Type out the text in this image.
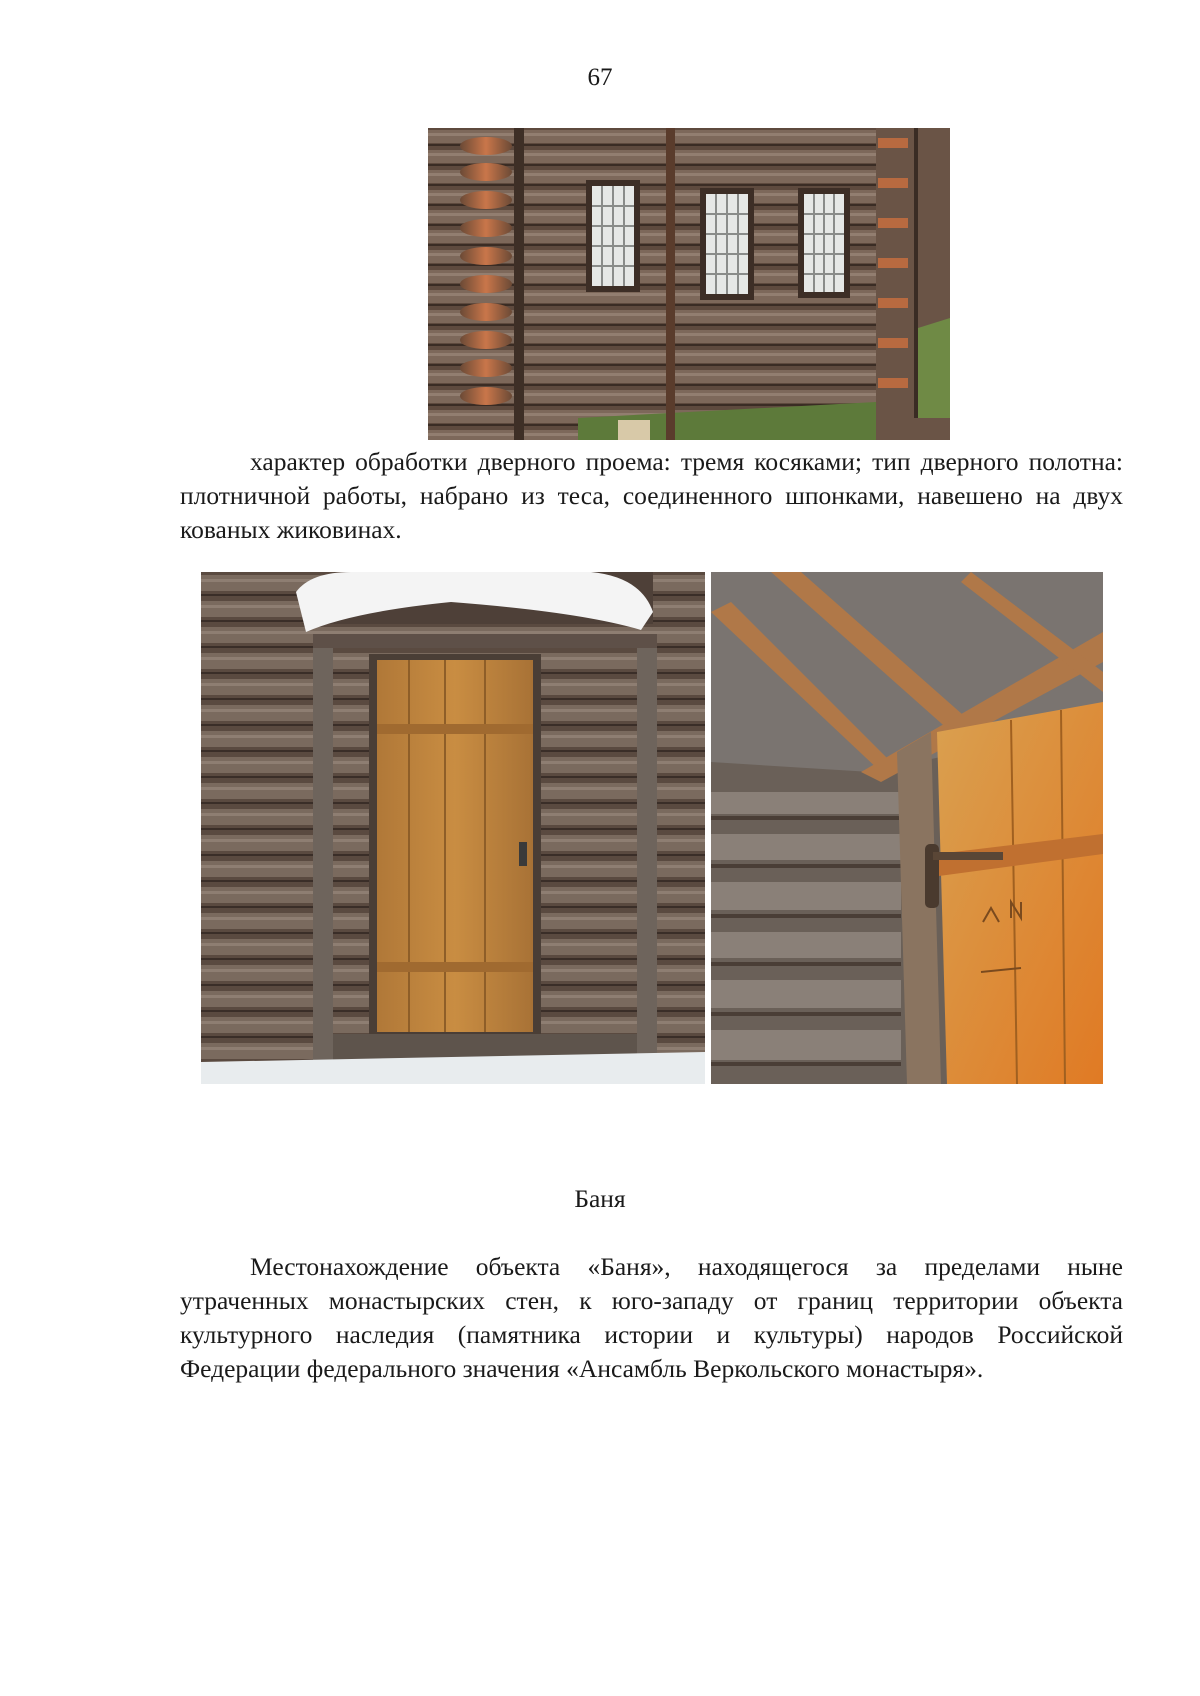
67
характер обработки дверного проема: тремя косяками; тип дверного полотна: плотничной работы, набрано из теса, соединенного шпонками, навешено на двух кованых жиковинах.
Баня
Местонахождение объекта «Баня», находящегося за пределами ныне утраченных монастырских стен, к юго-западу от границ территории объекта культурного наследия (памятника истории и культуры) народов Российской Федерации федерального значения «Ансамбль Веркольского монастыря».
